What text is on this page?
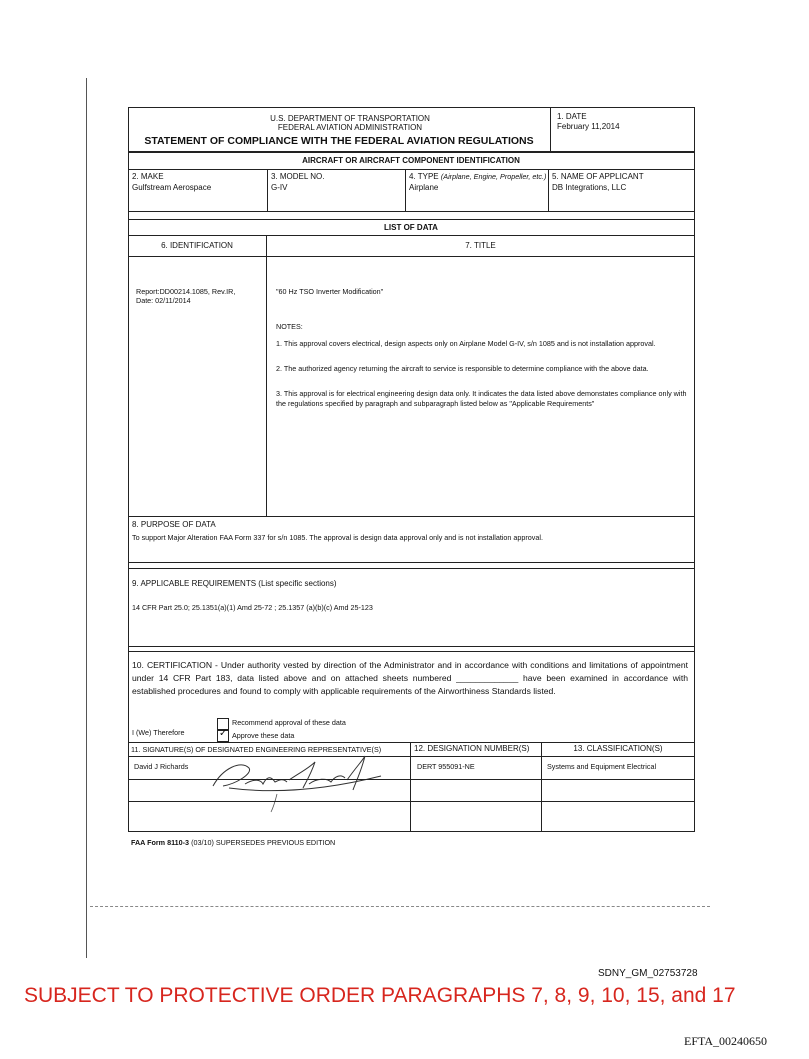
U.S. DEPARTMENT OF TRANSPORTATION
FEDERAL AVIATION ADMINISTRATION
STATEMENT OF COMPLIANCE WITH THE FEDERAL AVIATION REGULATIONS
1. DATE
February 11,2014
AIRCRAFT OR AIRCRAFT COMPONENT IDENTIFICATION
2. MAKE
Gulfstream Aerospace
3. MODEL NO.
G-IV
4. TYPE (Airplane, Engine, Propeller, etc.)
Airplane
5. NAME OF APPLICANT
DB Integrations, LLC
LIST OF DATA
6. IDENTIFICATION	7. TITLE
Report:DD00214.1085, Rev.IR,
Date: 02/11/2014
"60 Hz TSO Inverter Modification"
NOTES:
1. This approval covers electrical, design aspects only on Airplane Model G-IV, s/n 1085 and is not installation approval.
2. The authorized agency returning the aircraft to service is responsible to determine compliance with the above data.
3. This approval is for electrical engineering design data only. It indicates the data listed above demonstates compliance only with the regulations specified by paragraph and subparagraph listed below as "Applicable Requirements"
8. PURPOSE OF DATA
To support Major Alteration FAA Form 337 for s/n 1085. The approval is design data approval only and is not installation approval.
9. APPLICABLE REQUIREMENTS (List specific sections)
14 CFR Part 25.0; 25.1351(a)(1) Amd 25-72 ; 25.1357 (a)(b)(c) Amd 25-123
10. CERTIFICATION - Under authority vested by direction of the Administrator and in accordance with conditions and limitations of appointment under 14 CFR Part 183, data listed above and on attached sheets numbered _____________ have been examined in accordance with established procedures and found to comply with applicable requirements of the Airworthiness Standards listed.
I (We) Therefore
Recommend approval of these data
✓ Approve these data
11. SIGNATURE(S) OF DESIGNATED ENGINEERING REPRESENTATIVE(S)	12. DESIGNATION NUMBER(S)	13. CLASSIFICATION(S)
David J Richards	DERT 955091-NE	Systems and Equipment Electrical
FAA Form 8110-3 (03/10) SUPERSEDES PREVIOUS EDITION
SDNY_GM_02753728
SUBJECT TO PROTECTIVE ORDER PARAGRAPHS 7, 8, 9, 10, 15, and 17
EFTA_00240650
